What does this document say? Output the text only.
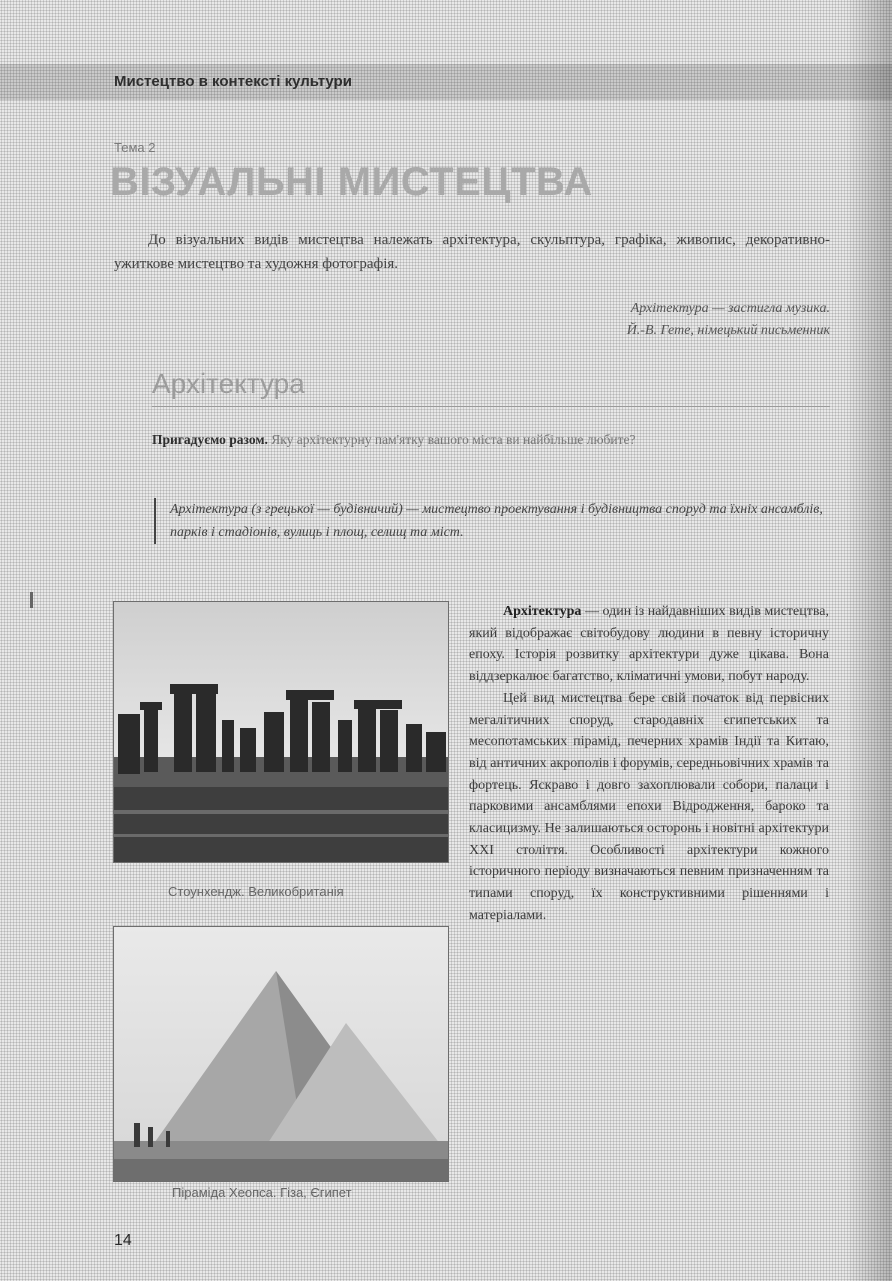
Мистецтво в контексті культури
Тема 2
ВІЗУАЛЬНІ МИСТЕЦТВА
До візуальних видів мистецтва належать архітектура, скульптура, графіка, живопис, декоративно-ужиткове мистецтво та художня фотографія.
Архітектура — застигла музика.
Й.-В. Гете, німецький письменник
Архітектура
Пригадуємо разом. Яку архітектурну пам'ятку вашого міста ви найбільше любите?
Архітектура (з грецької — будівничий) — мистецтво проектування і будівництва споруд та їхніх ансамблів, парків і стадіонів, вулиць і площ, селищ та міст.
Стоунхендж. Великобританія
Піраміда Хеопса. Гіза, Єгипет

Архітектура — один із найдавніших видів мистецтва, який відображає світобудову людини в певну історичну епоху. Історія розвитку архітектури дуже цікава. Вона віддзеркалює багатство, кліматичні умови, побут народу.

Цей вид мистецтва бере свій початок від первісних мегалітичних споруд, стародавніх єгипетських та месопотамських пірамід, печерних храмів Індії та Китаю, від античних акрополів і форумів, середньовічних храмів та фортець. Яскраво і довго захоплювали собори, палаци і парковими ансамблями епохи Відродження, бароко та класицизму. Не залишаються осторонь і новітні архітектури XXI століття. Особливості архітектури кожного історичного періоду визначаються певним призначенням та типами споруд, їх конструктивними рішеннями і матеріалами.

14
